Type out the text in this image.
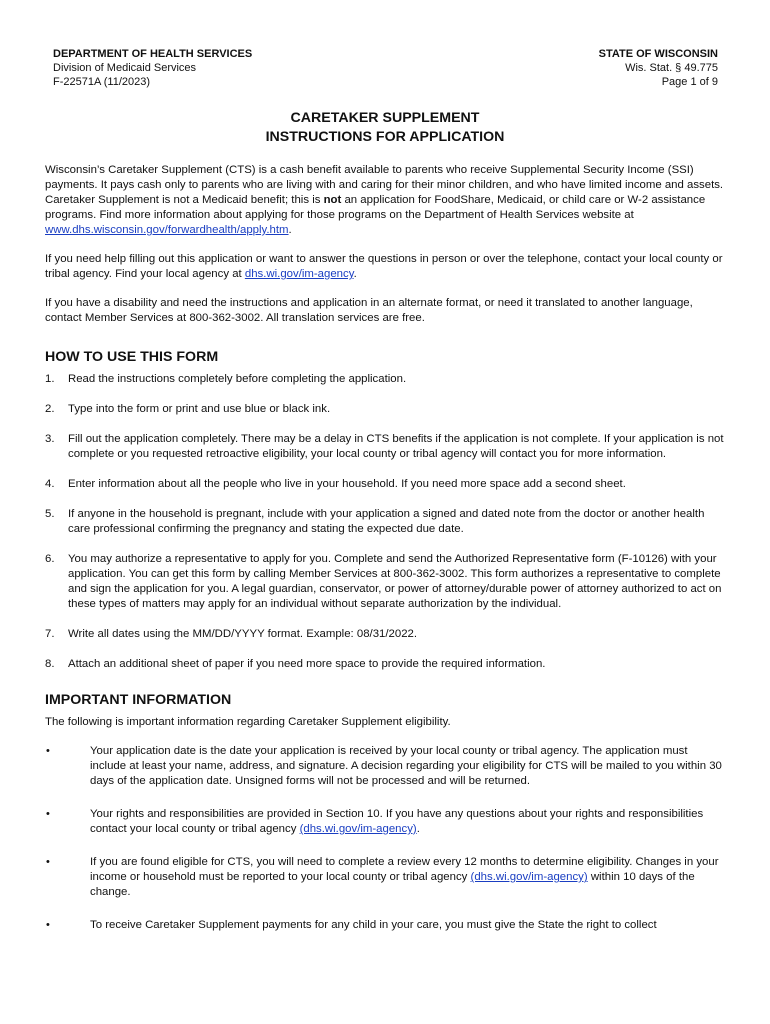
DEPARTMENT OF HEALTH SERVICES
Division of Medicaid Services
F-22571A (11/2023)
STATE OF WISCONSIN
Wis. Stat. § 49.775
Page 1 of 9
CARETAKER SUPPLEMENT
INSTRUCTIONS FOR APPLICATION

Wisconsin’s Caretaker Supplement (CTS) is a cash benefit available to parents who receive Supplemental Security Income (SSI) payments. It pays cash only to parents who are living with and caring for their minor children, and who have limited income and assets. Caretaker Supplement is not a Medicaid benefit; this is not an application for FoodShare, Medicaid, or child care or W-2 assistance programs. Find more information about applying for those programs on the Department of Health Services website at www.dhs.wisconsin.gov/forwardhealth/apply.htm.

If you need help filling out this application or want to answer the questions in person or over the telephone, contact your local county or tribal agency. Find your local agency at dhs.wi.gov/im-agency.

If you have a disability and need the instructions and application in an alternate format, or need it translated to another language, contact Member Services at 800-362-3002. All translation services are free.

HOW TO USE THIS FORM
1. Read the instructions completely before completing the application.
2. Type into the form or print and use blue or black ink.
3. Fill out the application completely. There may be a delay in CTS benefits if the application is not complete. If your application is not complete or you requested retroactive eligibility, your local county or tribal agency will contact you for more information.
4. Enter information about all the people who live in your household. If you need more space add a second sheet.
5. If anyone in the household is pregnant, include with your application a signed and dated note from the doctor or another health care professional confirming the pregnancy and stating the expected due date.
6. You may authorize a representative to apply for you. Complete and send the Authorized Representative form (F-10126) with your application. You can get this form by calling Member Services at 800-362-3002. This form authorizes a representative to complete and sign the application for you. A legal guardian, conservator, or power of attorney/durable power of attorney authorized to act on these types of matters may apply for an individual without separate authorization by the individual.
7. Write all dates using the MM/DD/YYYY format. Example: 08/31/2022.
8. Attach an additional sheet of paper if you need more space to provide the required information.
IMPORTANT INFORMATION

The following is important information regarding Caretaker Supplement eligibility.

•	Your application date is the date your application is received by your local county or tribal agency. The application must include at least your name, address, and signature. A decision regarding your eligibility for CTS will be mailed to you within 30 days of the application date. Unsigned forms will not be processed and will be returned.
•	Your rights and responsibilities are provided in Section 10. If you have any questions about your rights and responsibilities contact your local county or tribal agency (dhs.wi.gov/im-agency).
•	If you are found eligible for CTS, you will need to complete a review every 12 months to determine eligibility. Changes in your income or household must be reported to your local county or tribal agency (dhs.wi.gov/im-agency) within 10 days of the change.
•	To receive Caretaker Supplement payments for any child in your care, you must give the State the right to collect
